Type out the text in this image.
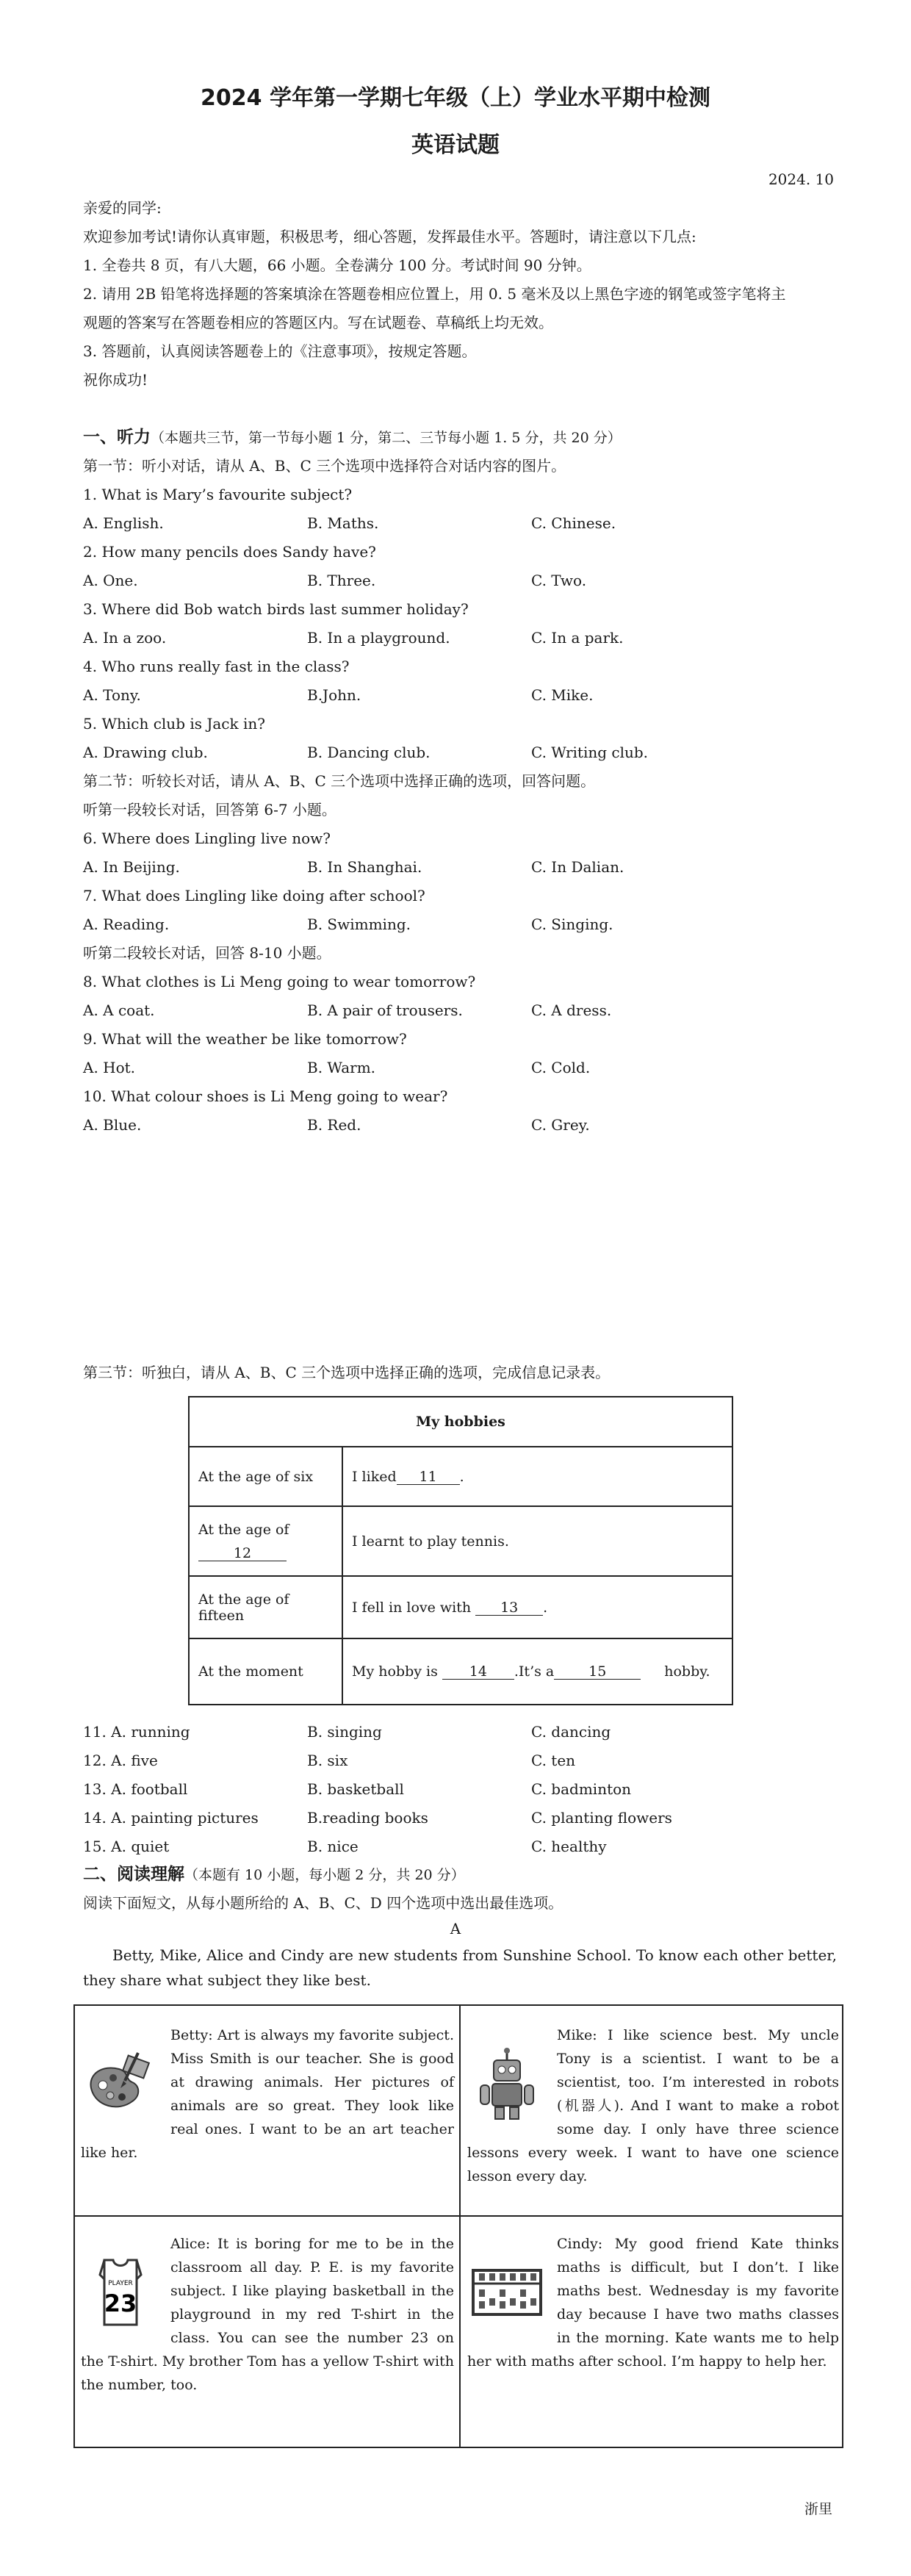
2024 学年第一学期七年级（上）学业水平期中检测
英语试题
2024. 10
亲爱的同学:
欢迎参加考试!请你认真审题，积极思考，细心答题，发挥最佳水平。答题时，请注意以下几点:
1. 全卷共 8 页，有八大题，66 小题。全卷满分 100 分。考试时间 90 分钟。
2. 请用 2B 铅笔将选择题的答案填涂在答题卷相应位置上，用 0. 5 毫米及以上黑色字迹的钢笔或签字笔将主
观题的答案写在答题卷相应的答题区内。写在试题卷、草稿纸上均无效。
3. 答题前，认真阅读答题卷上的《注意事项》，按规定答题。
祝你成功!
一、听力（本题共三节，第一节每小题 1 分，第二、三节每小题 1. 5 分，共 20 分）
第一节：听小对话，请从 A、B、C 三个选项中选择符合对话内容的图片。
1. What is Mary’s favourite subject?
A. English.	B. Maths.	C. Chinese.
2. How many pencils does Sandy have?
A. One.	B. Three.	C. Two.
3. Where did Bob watch birds last summer holiday?
A. In a zoo.	B. In a playground.	C. In a park.
4. Who runs really fast in the class?
A. Tony.	B.John.	C. Mike.
5. Which club is Jack in?
A. Drawing club.	B. Dancing club.	C. Writing club.
第二节：听较长对话，请从 A、B、C 三个选项中选择正确的选项，回答问题。
听第一段较长对话，回答第 6-7 小题。
6. Where does Lingling live now?
A. In Beijing.	B. In Shanghai.	C. In Dalian.
7. What does Lingling like doing after school?
A. Reading.	B. Swimming.	C. Singing.
听第二段较长对话，回答 8-10 小题。
8. What clothes is Li Meng going to wear tomorrow?
A. A coat.	B. A pair of trousers.	C. A dress.
9. What will the weather be like tomorrow?
A. Hot.	B. Warm.	C. Cold.
10. What colour shoes is Li Meng going to wear?
A. Blue.	B. Red.	C. Grey.
第三节：听独白，请从 A、B、C 三个选项中选择正确的选项，完成信息记录表。
My hobbies	
At the age of six	I liked 11 .

At the age of
12	I learnt to play tennis.
At the age of fifteen	I fell in love with 13 .
At the moment	My hobby is 14 .It’s a 15 hobby.
11. A. running	B. singing	C. dancing
12. A. five	B. six	C. ten
13. A. football	B. basketball	C. badminton
14. A. painting pictures	B.reading books	C. planting flowers
15. A. quiet	B. nice	C. healthy
二、阅读理解（本题有 10 小题，每小题 2 分，共 20 分）
阅读下面短文，从每小题所给的 A、B、C、D 四个选项中选出最佳选项。
A
Betty, Mike, Alice and Cindy are new students from Sunshine School. To know each other better, they share what subject they like best.
Betty: Art is always my favorite subject. Miss Smith is our teacher. She is good at drawing animals. Her pictures of animals are so great. They look like real ones. I want to be an art teacher like her.
Mike: I like science best. My uncle Tony is a scientist. I want to be a scientist, too. I’m interested in robots (机器人). And I want to make a robot some day. I only have three science lessons every week. I want to have one science lesson every day.
PLAYER
23
Alice: It is boring for me to be in the classroom all day. P. E. is my favorite subject. I like playing basketball in the playground in my red T-shirt in the class. You can see the number 23 on the T-shirt. My brother Tom has a yellow T-shirt with the number, too.
Cindy: My good friend Kate thinks maths is difficult, but I don’t. I like maths best. Wednesday is my favorite day because I have two maths classes in the morning. Kate wants me to help her with maths after school. I’m happy to help her.
浙里
